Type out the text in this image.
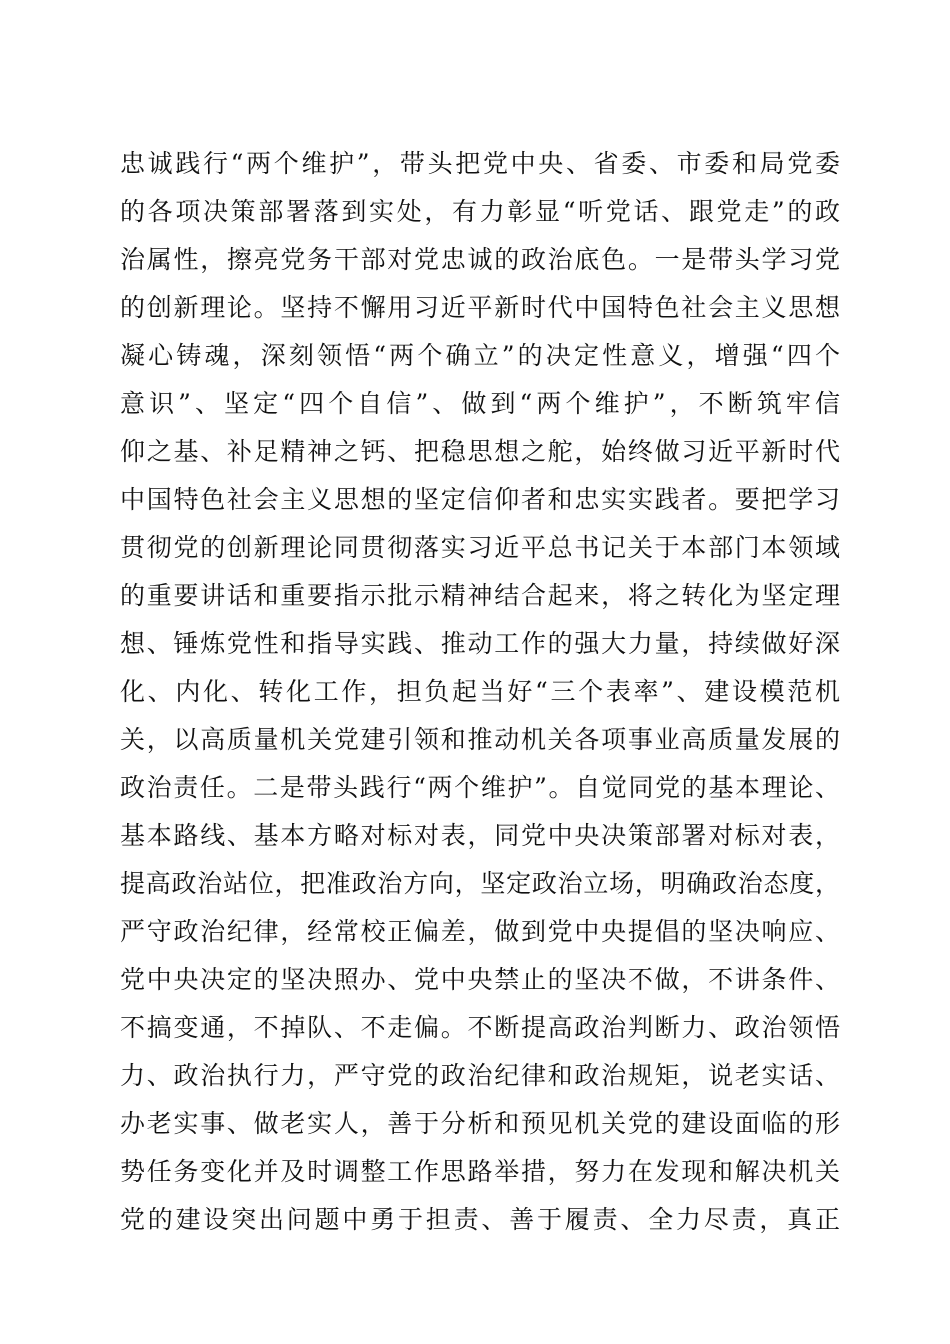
忠诚践行“两个维护”，带头把党中央、省委、市委和局党委
的各项决策部署落到实处，有力彰显“听党话、跟党走”的政
治属性，擦亮党务干部对党忠诚的政治底色。一是带头学习党
的创新理论。坚持不懈用习近平新时代中国特色社会主义思想
凝心铸魂，深刻领悟“两个确立”的决定性意义，增强“四个
意识”、坚定“四个自信”、做到“两个维护”，不断筑牢信
仰之基、补足精神之钙、把稳思想之舵，始终做习近平新时代
中国特色社会主义思想的坚定信仰者和忠实实践者。要把学习
贯彻党的创新理论同贯彻落实习近平总书记关于本部门本领域
的重要讲话和重要指示批示精神结合起来，将之转化为坚定理
想、锤炼党性和指导实践、推动工作的强大力量，持续做好深
化、内化、转化工作，担负起当好“三个表率”、建设模范机
关，以高质量机关党建引领和推动机关各项事业高质量发展的
政治责任。二是带头践行“两个维护”。自觉同党的基本理论、
基本路线、基本方略对标对表，同党中央决策部署对标对表，
提高政治站位，把准政治方向，坚定政治立场，明确政治态度，
严守政治纪律，经常校正偏差，做到党中央提倡的坚决响应、
党中央决定的坚决照办、党中央禁止的坚决不做，不讲条件、
不搞变通，不掉队、不走偏。不断提高政治判断力、政治领悟
力、政治执行力，严守党的政治纪律和政治规矩，说老实话、
办老实事、做老实人，善于分析和预见机关党的建设面临的形
势任务变化并及时调整工作思路举措，努力在发现和解决机关
党的建设突出问题中勇于担责、善于履责、全力尽责，真正
